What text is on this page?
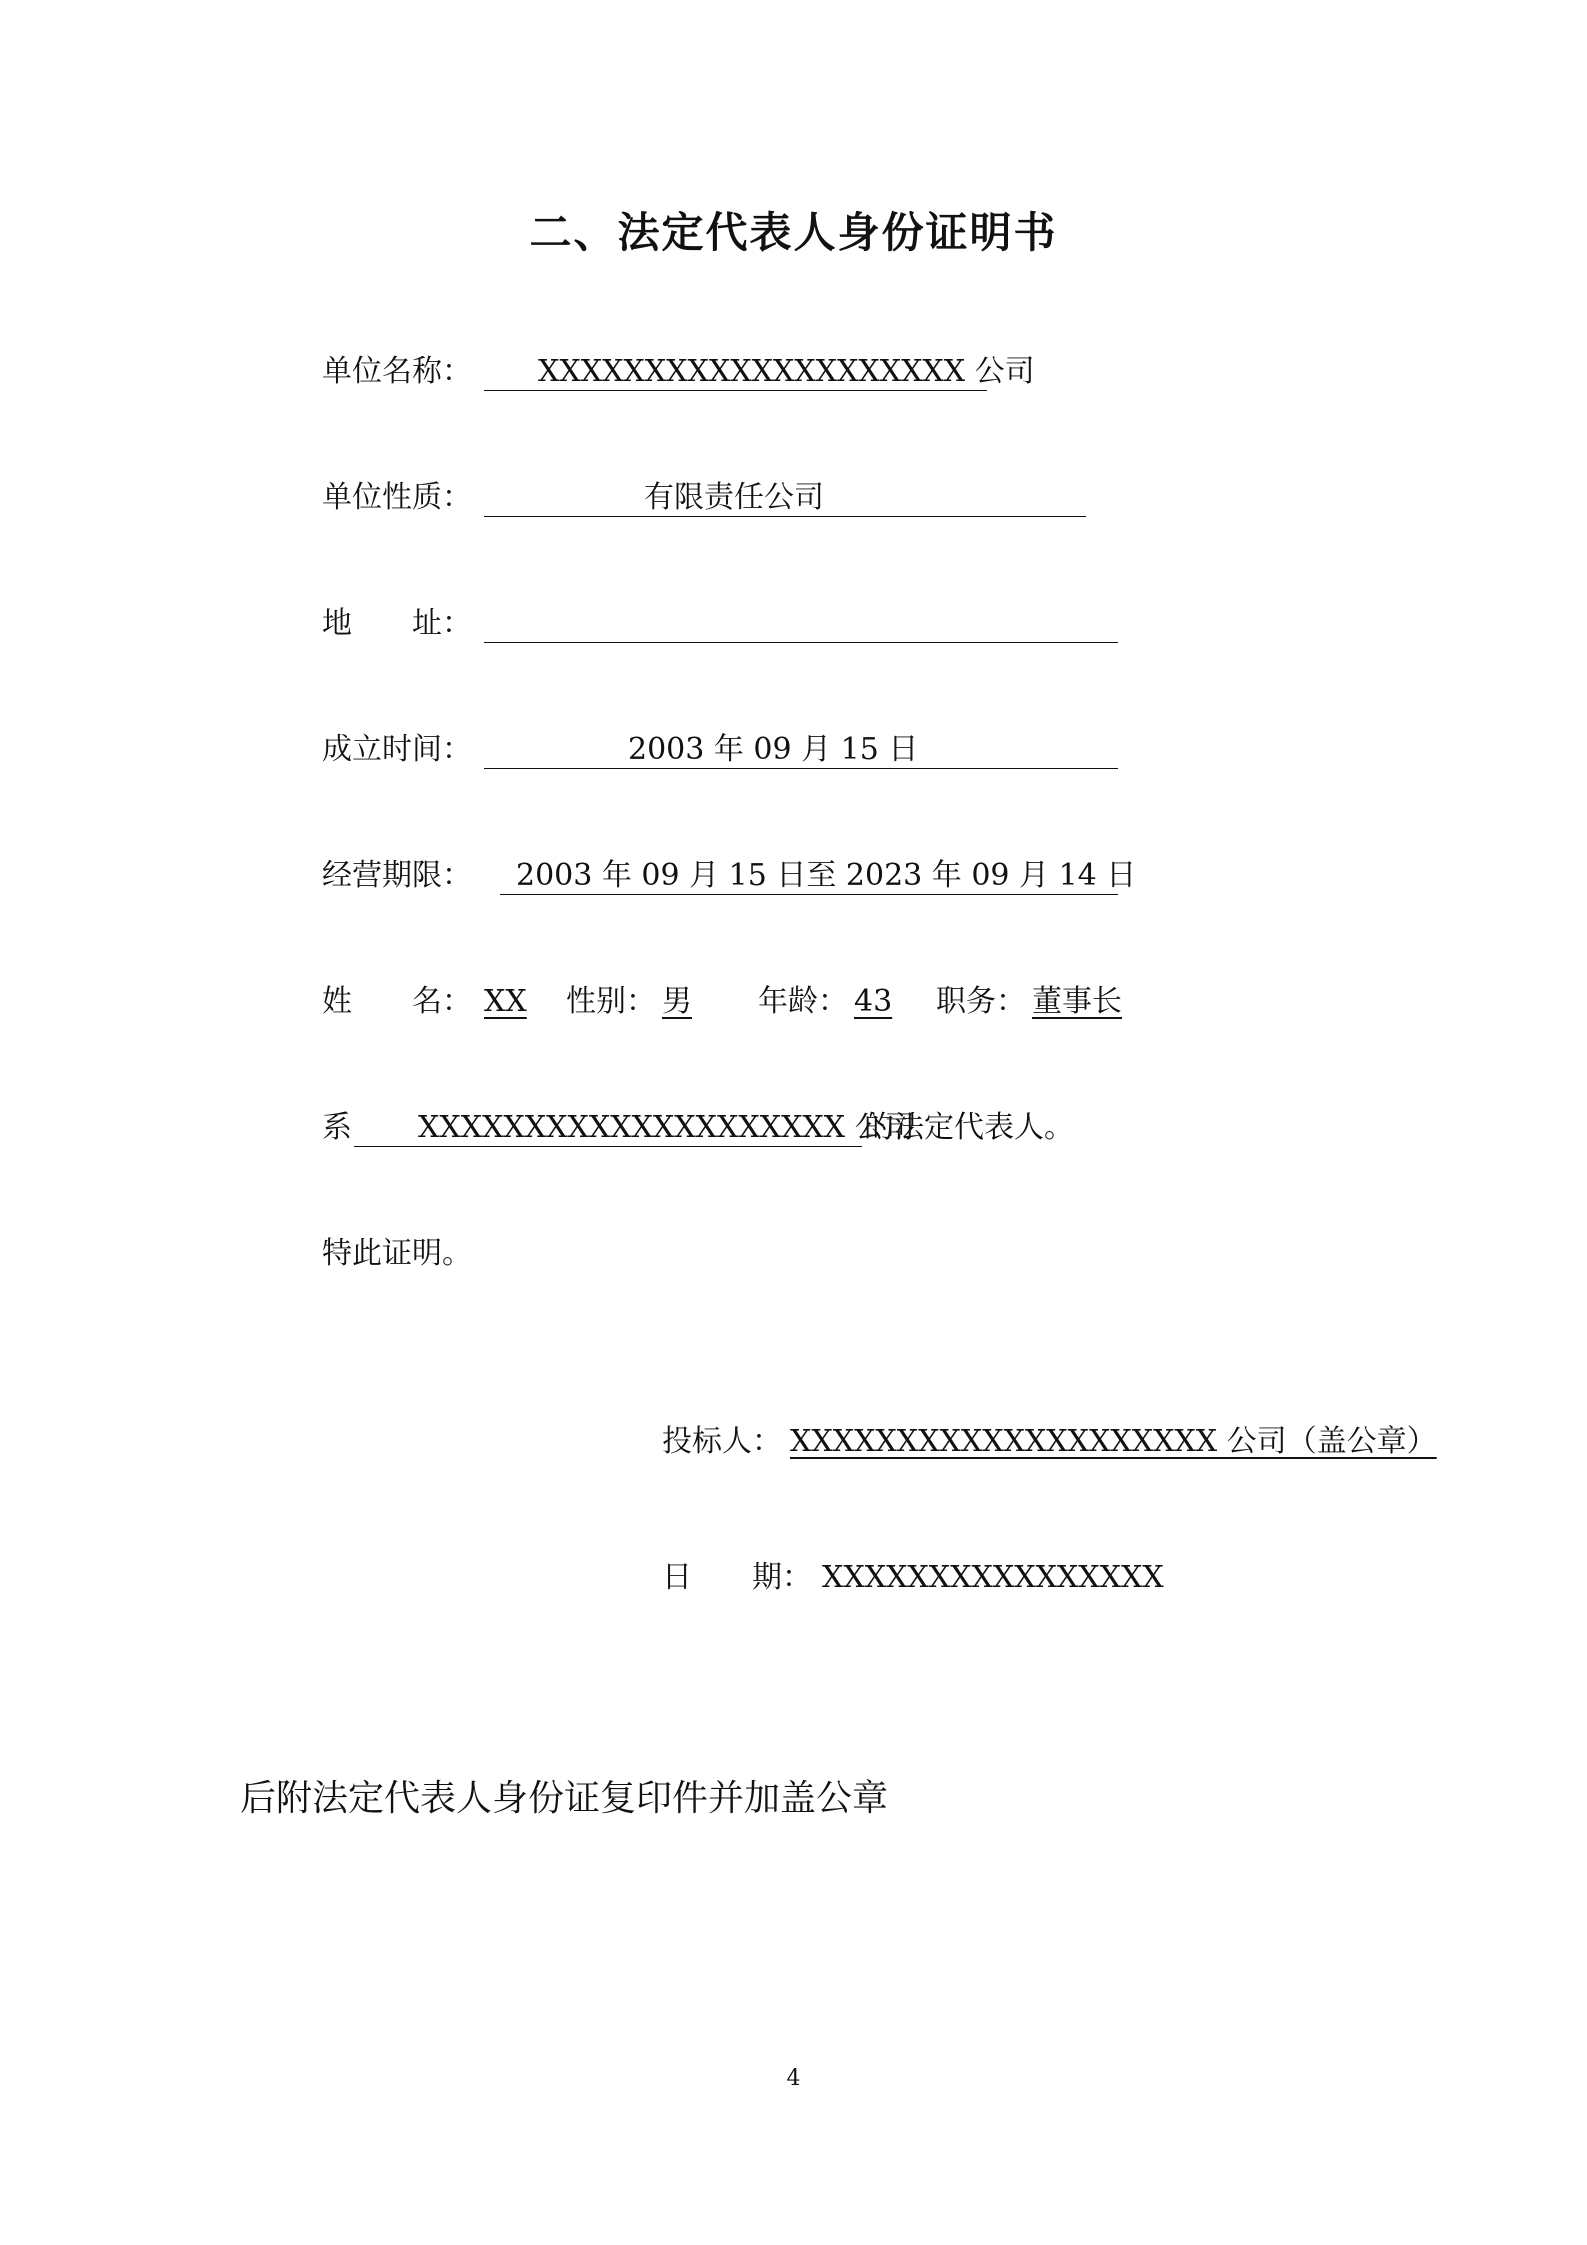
二、法定代表人身份证明书
单位名称： XXXXXXXXXXXXXXXXXXXX 公司
单位性质：	有限责任公司
地　　址：
成立时间：	2003 年 09 月 15 日
经营期限： 2003 年 09 月 15 日至 2023 年 09 月 14 日
姓　　名： XX 性别： 男 年龄： 43 职务： 董事长
系 XXXXXXXXXXXXXXXXXXXX 公司
的法定代表人。
特此证明。
投标人： XXXXXXXXXXXXXXXXXXXX 公司（盖公章）
日　　期： XXXXXXXXXXXXXXXX
后附法定代表人身份证复印件并加盖公章
4
